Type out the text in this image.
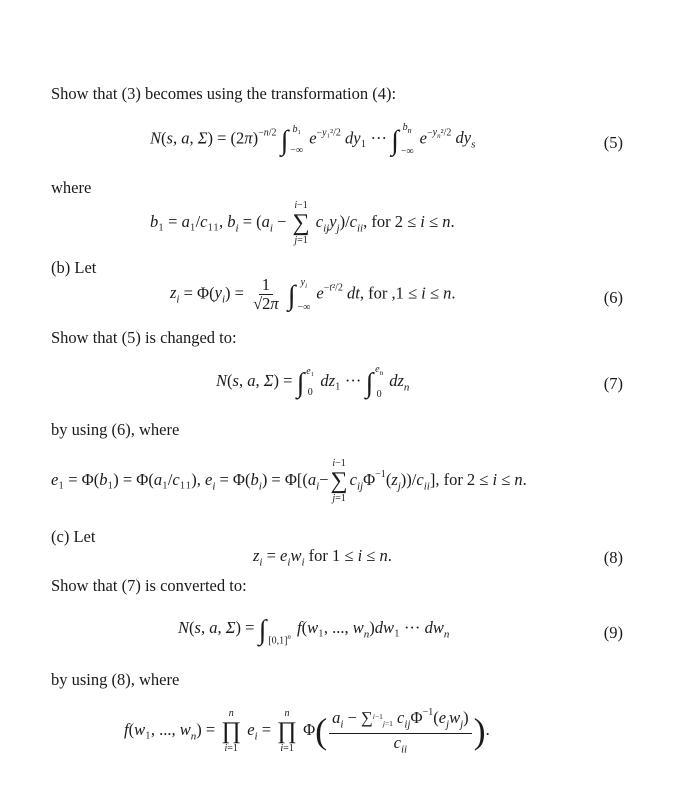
Show that (3) becomes using the transformation (4):
N(s, a, $\Sigma) = (2\pi)^{-n/2}$ ∫ b₁
−∞
$e^{-y_1^2/2}$ dy₁ ··· ∫ $b_n$
−∞
$e^{-y_n^2/2}$ $dy_s$	(5)
where
b₁ = a₁/c₁₁, $b_i = (a_i$ −
i−1
∑
j=1
$c_{ij}y_j)/c_{ii}$, for 2 ≤ i ≤ n.
(b) Let
$z_i = \Phi(y_i) = \frac{1}{√2\pi}$ ∫ $y_i$
−∞
$e^{-t^2/2}$ dt, for ,1 ≤ i ≤ n.	(6)
Show that (5) is changed to:
N(s, a, Σ) = ∫ e₁
0
dz₁ ··· ∫ $e_n$
0
$dz_n$	(7)
by using (6), where
e₁ = Φ(b₁) = Φ(a₁/c₁₁), $e_i = \Phi(b_i) = \Phi[(a_i-$
i−1
∑
j=1
$c_{ij}\Phi^{-1}(z_j))/c_{ii}$], for 2 ≤ i ≤ n.
(c) Let
$z_i = e_iw_i$ for 1 ≤ i ≤ n.	(8)
Show that (7) is converted to:
N(s, a, Σ) = ∫ $[0,1]^n$
f(w₁, ..., $w_n)dw_1$ ··· $dw_n$	(9)
by using (8), where
f(w₁, ..., $w_n$) =
n
∏
i=1
$e_i$ =
n
∏
i=1
$\Phi( \frac{a_i - \sum^{i-1}_{j=1} c_{ij}\Phi^{-1}(e_jw_j)}{c_{ii}}$ ).
